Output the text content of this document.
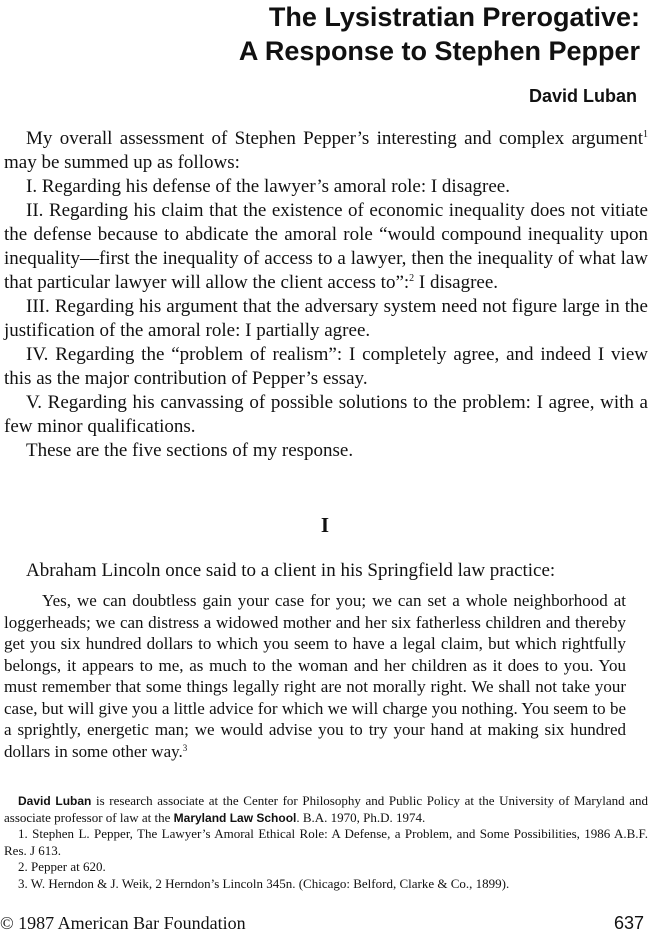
The Lysistratian Prerogative:
A Response to Stephen Pepper

David Luban

My overall assessment of Stephen Pepper’s interesting and complex argument$^1$ may be summed up as follows:

I. Regarding his defense of the lawyer’s amoral role: I disagree.

II. Regarding his claim that the existence of economic inequality does not vitiate the defense because to abdicate the amoral role “would compound inequality upon inequality—first the inequality of access to a lawyer, then the inequality of what law that particular lawyer will allow the client access to”:$^2$ I disagree.

III. Regarding his argument that the adversary system need not figure large in the justification of the amoral role: I partially agree.

IV. Regarding the “problem of realism”: I completely agree, and indeed I view this as the major contribution of Pepper’s essay.

V. Regarding his canvassing of possible solutions to the problem: I agree, with a few minor qualifications.

These are the five sections of my response.

I

Abraham Lincoln once said to a client in his Springfield law practice:

Yes, we can doubtless gain your case for you; we can set a whole neighborhood at loggerheads; we can distress a widowed mother and her six fatherless children and thereby get you six hundred dollars to which you seem to have a legal claim, but which rightfully belongs, it appears to me, as much to the woman and her children as it does to you. You must remember that some things legally right are not morally right. We shall not take your case, but will give you a little advice for which we will charge you nothing. You seem to be a sprightly, energetic man; we would advise you to try your hand at making six hundred dollars in some other way.$^3$

David Luban is research associate at the Center for Philosophy and Public Policy at the University of Maryland and associate professor of law at the Maryland Law School. B.A. 1970, Ph.D. 1974.

1. Stephen L. Pepper, The Lawyer’s Amoral Ethical Role: A Defense, a Problem, and Some Possibilities, 1986 A.B.F. Res. J 613.

2. Pepper at 620.

3. W. Herndon & J. Weik, 2 Herndon’s Lincoln 345n. (Chicago: Belford, Clarke & Co., 1899).

© 1987 American Bar Foundation	637
